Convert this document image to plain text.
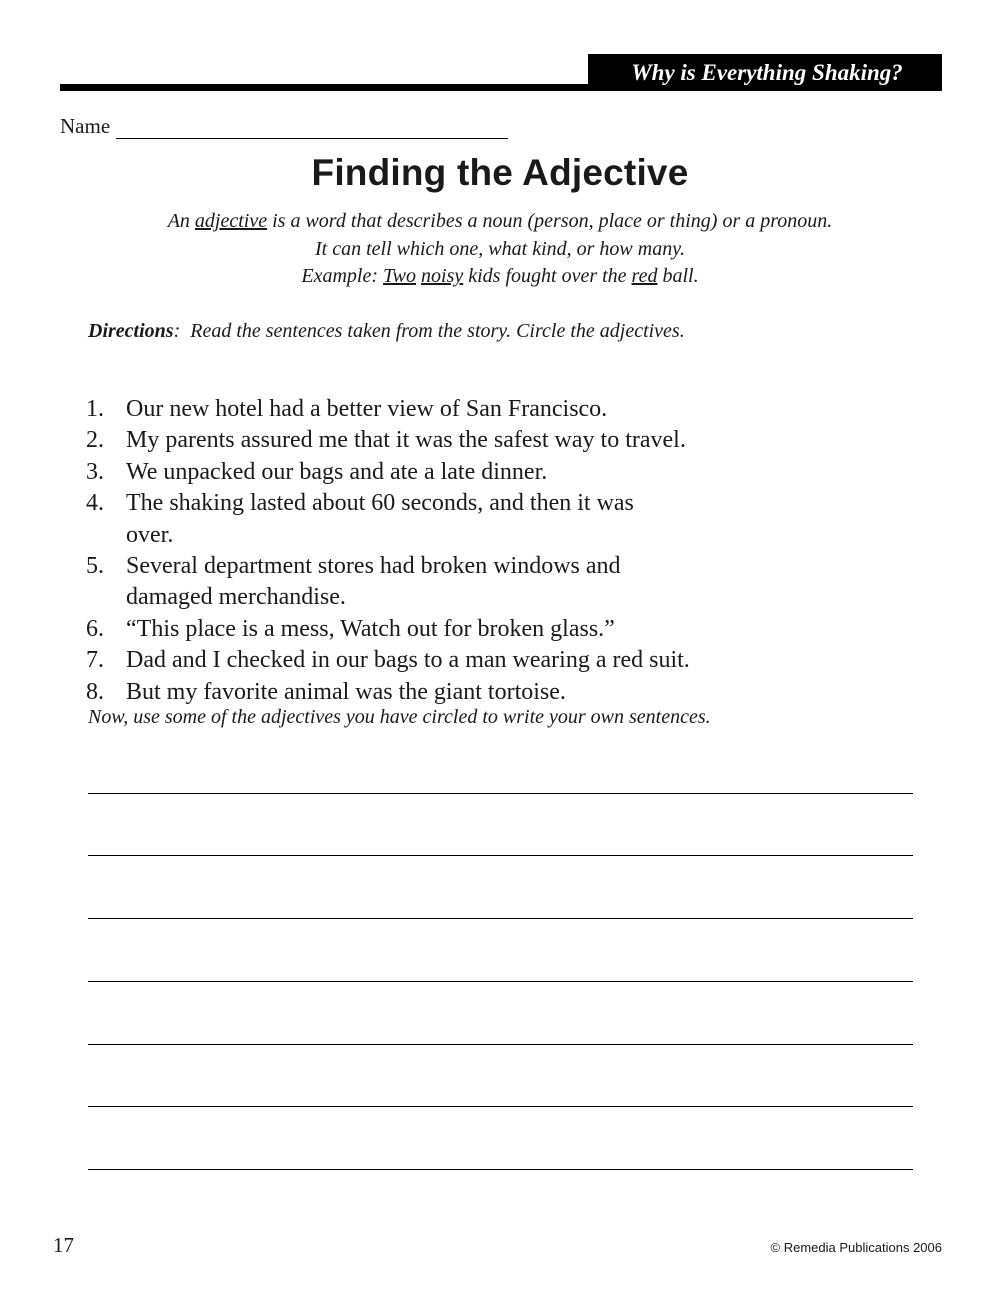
Why is Everything Shaking?
Name
Finding the Adjective
An adjective is a word that describes a noun (person, place or thing) or a pronoun.
It can tell which one, what kind, or how many.
Example: Two noisy kids fought over the red ball.
Directions:  Read the sentences taken from the story. Circle the adjectives.
1. Our new hotel had a better view of San Francisco.
2. My parents assured me that it was the safest way to travel.
3. We unpacked our bags and ate a late dinner.
4. The shaking lasted about 60 seconds, and then it was over.
5. Several department stores had broken windows and damaged merchandise.
6. “This place is a mess, Watch out for broken glass.”
7. Dad and I checked in our bags to a man wearing a red suit.
8. But my favorite animal was the giant tortoise.
Now, use some of the adjectives you have circled to write your own sentences.
17	© Remedia Publications 2006
